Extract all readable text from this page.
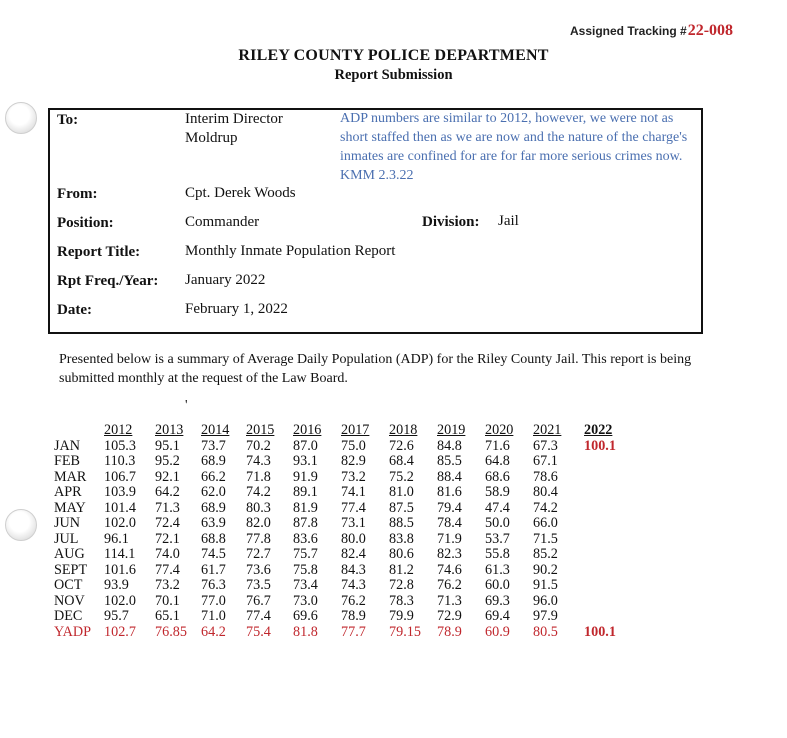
Assigned Tracking #22-008
RILEY COUNTY POLICE DEPARTMENT
Report Submission
To:	Interim Director
Moldrup
ADP numbers are similar to 2012, however, we were not as short staffed then as we are now and the nature of the charge's inmates are confined for are for far more serious crimes now. KMM 2.3.22
From:	Cpt. Derek Woods
Position:	Commander	Division: Jail
Report Title:	Monthly Inmate Population Report
Rpt Freq./Year: January 2022
Date:	February 1, 2022
Presented below is a summary of Average Daily Population (ADP) for the Riley County Jail. This report is being submitted monthly at the request of the Law Board.
'
	2012	2013	2014	2015	2016	2017	2018	2019	2020	2021	2022
JAN	105.3	95.1	73.7	70.2	87.0	75.0	72.6	84.8	71.6	67.3	100.1
FEB	110.3	95.2	68.9	74.3	93.1	82.9	68.4	85.5	64.8	67.1	
MAR	106.7	92.1	66.2	71.8	91.9	73.2	75.2	88.4	68.6	78.6	
APR	103.9	64.2	62.0	74.2	89.1	74.1	81.0	81.6	58.9	80.4	
MAY	101.4	71.3	68.9	80.3	81.9	77.4	87.5	79.4	47.4	74.2	
JUN	102.0	72.4	63.9	82.0	87.8	73.1	88.5	78.4	50.0	66.0	
JUL	96.1	72.1	68.8	77.8	83.6	80.0	83.8	71.9	53.7	71.5	
AUG	114.1	74.0	74.5	72.7	75.7	82.4	80.6	82.3	55.8	85.2	
SEPT	101.6	77.4	61.7	73.6	75.8	84.3	81.2	74.6	61.3	90.2	
OCT	93.9	73.2	76.3	73.5	73.4	74.3	72.8	76.2	60.0	91.5	
NOV	102.0	70.1	77.0	76.7	73.0	76.2	78.3	71.3	69.3	96.0	
DEC	95.7	65.1	71.0	77.4	69.6	78.9	79.9	72.9	69.4	97.9	
YADP	102.7	76.85	64.2	75.4	81.8	77.7	79.15	78.9	60.9	80.5	100.1
